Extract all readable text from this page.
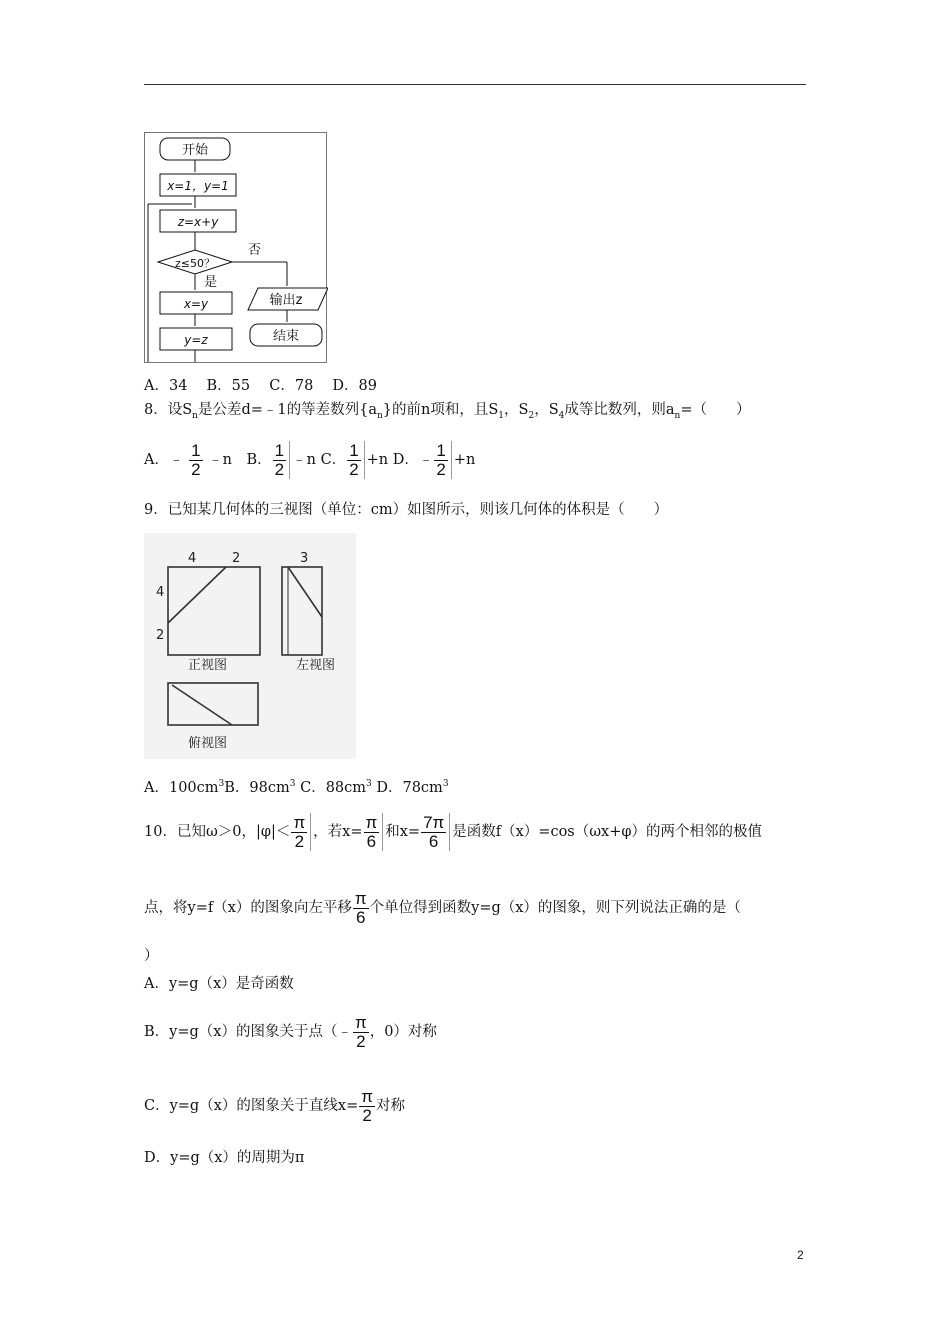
开始
x=1，y=1
z=x+y
z≤50？
否
是
x=y
y=z
输出z
结束
A．34　 B．55　 C．78　 D．89
8．设$S_n$是公差d=﹣1的等差数列$\{a_n\}$的前n项和，且$S_1$，$S_2$，$S_4$成等比数列，则$a_n=$（　　）
A．﹣ $\frac{1}{2}$ ﹣n　B． $\frac{1}{2}$ ﹣n C． $\frac{1}{2} +n$ D．﹣ $\frac{1}{2} +n$
9．已知某几何体的三视图（单位：cm）如图所示，则该几何体的体积是（　　）
4	2
4
2
3
正视图	左视图
俯视图
A．$100cm^3B$．$98cm^3$ C．$88cm^3$ D．$78cm^3$
10．已知ω＞0，$|\varphi|< \frac{\pi}{2}$ ，若$x= \frac{\pi}{6}$ 和$x= \frac{7\pi}{6}$ 是函数f（x）=cos（ωx+φ）的两个相邻的极值
点，将y=f（x）的图象向左平移 $\frac{\pi}{6}$ 个单位得到函数y=g（x）的图象，则下列说法正确的是（
）
A．y=g（x）是奇函数
B．y=g（x）的图象关于点（﹣ $\frac{\pi}{2}$ ，0）对称
C．y=g（x）的图象关于直线$x= \frac{\pi}{2}$ 对称
D．y=g（x）的周期为π
2
